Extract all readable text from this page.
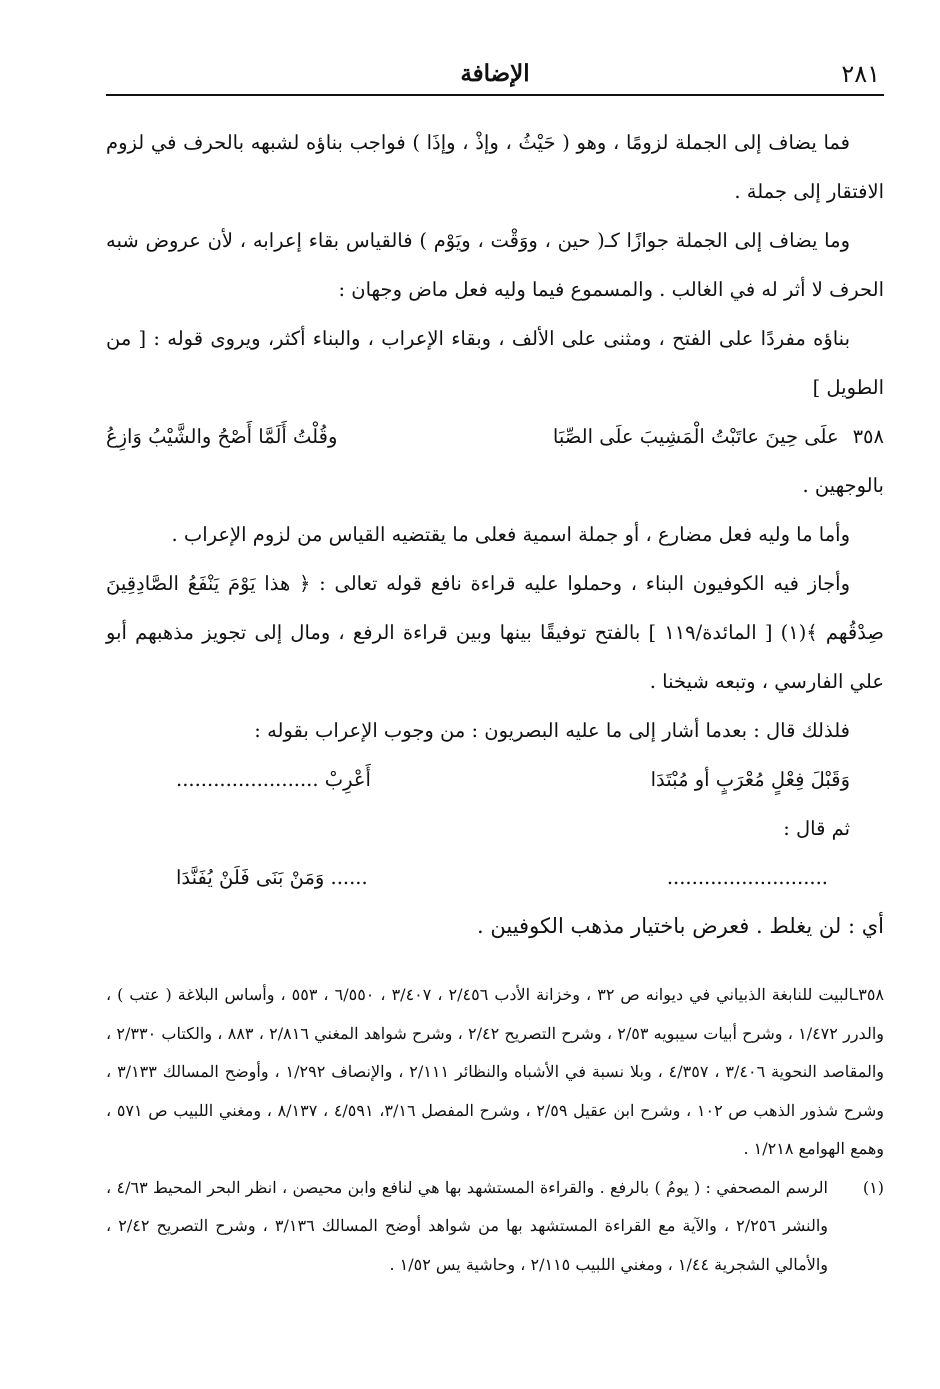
٢٨١
الإضافة

فما يضاف إلى الجملة لزومًا ، وهو ( حَيْثُ ، وإذْ ، وإذَا ) فواجب بناؤه لشبهه بالحرف في لزوم الافتقار إلى جملة .

وما يضاف إلى الجملة جوازًا كـ( حين ، ووَقْت ، ويَوْم ) فالقياس بقاء إعرابه ، لأن عروض شبه الحرف لا أثر له في الغالب . والمسموع فيما وليه فعل ماض وجهان :

بناؤه مفردًا على الفتح ، ومثنى على الألف ، وبقاء الإعراب ، والبناء أكثر، ويروى قوله : [ من الطويل ]

٣٥٨علَى حِينَ عاتَبْتُ الْمَشِيبَ علَى الصِّبَا
وقُلْتُ أَلَمَّا أَصْحُ والشَّيْبُ وَازِعُ

بالوجهين .

وأما ما وليه فعل مضارع ، أو جملة اسمية فعلى ما يقتضيه القياس من لزوم الإعراب .

وأجاز فيه الكوفيون البناء ، وحملوا عليه قراءة نافع قوله تعالى : ﴿ هذا يَوْمَ يَنْفَعُ الصَّادِقِينَ صِدْقُهم ﴾(١) [ المائدة/١١٩ ] بالفتح توفيقًا بينها وبين قراءة الرفع ، ومال إلى تجويز مذهبهم أبو علي الفارسي ، وتبعه شيخنا .

فلذلك قال : بعدما أشار إلى ما عليه البصريون : من وجوب الإعراب بقوله :

وَقَبْلَ فِعْلٍ مُعْرَبٍ أو مُبْتَدَا
أَعْرِبْ .......................

ثم قال :

..........................
...... وَمَنْ بَنَى فَلَنْ يُفَنَّدَا

أي : لن يغلط . فعرض باختيار مذهب الكوفيين .

٣٥٨ـالبيت للنابغة الذبياني في ديوانه ص ٣٢ ، وخزانة الأدب ٢/٤٥٦ ، ٣/٤٠٧ ، ٦/٥٥٠ ، ٥٥٣ ، وأساس البلاغة ( عتب ) ، والدرر ١/٤٧٢ ، وشرح أبيات سيبويه ٢/٥٣ ، وشرح التصريح ٢/٤٢ ، وشرح شواهد المغني ٢/٨١٦ ، ٨٨٣ ، والكتاب ٢/٣٣٠ ، والمقاصد النحوية ٣/٤٠٦ ، ٤/٣٥٧ ، وبلا نسبة في الأشباه والنظائر ٢/١١١ ، والإنصاف ١/٢٩٢ ، وأوضح المسالك ٣/١٣٣ ، وشرح شذور الذهب ص ١٠٢ ، وشرح ابن عقيل ٢/٥٩ ، وشرح المفصل ٣/١٦، ٤/٥٩١ ، ٨/١٣٧ ، ومغني اللبيب ص ٥٧١ ، وهمع الهوامع ١/٢١٨ .
(١)
الرسم المصحفي : ( يومُ ) بالرفع . والقراءة المستشهد بها هي لنافع وابن محيصن ، انظر البحر المحيط ٤/٦٣ ، والنشر ٢/٢٥٦ ، والآية مع القراءة المستشهد بها من شواهد أوضح المسالك ٣/١٣٦ ، وشرح التصريح ٢/٤٢ ، والأمالي الشجرية ١/٤٤ ، ومغني اللبيب ٢/١١٥ ، وحاشية يس ١/٥٢ .
